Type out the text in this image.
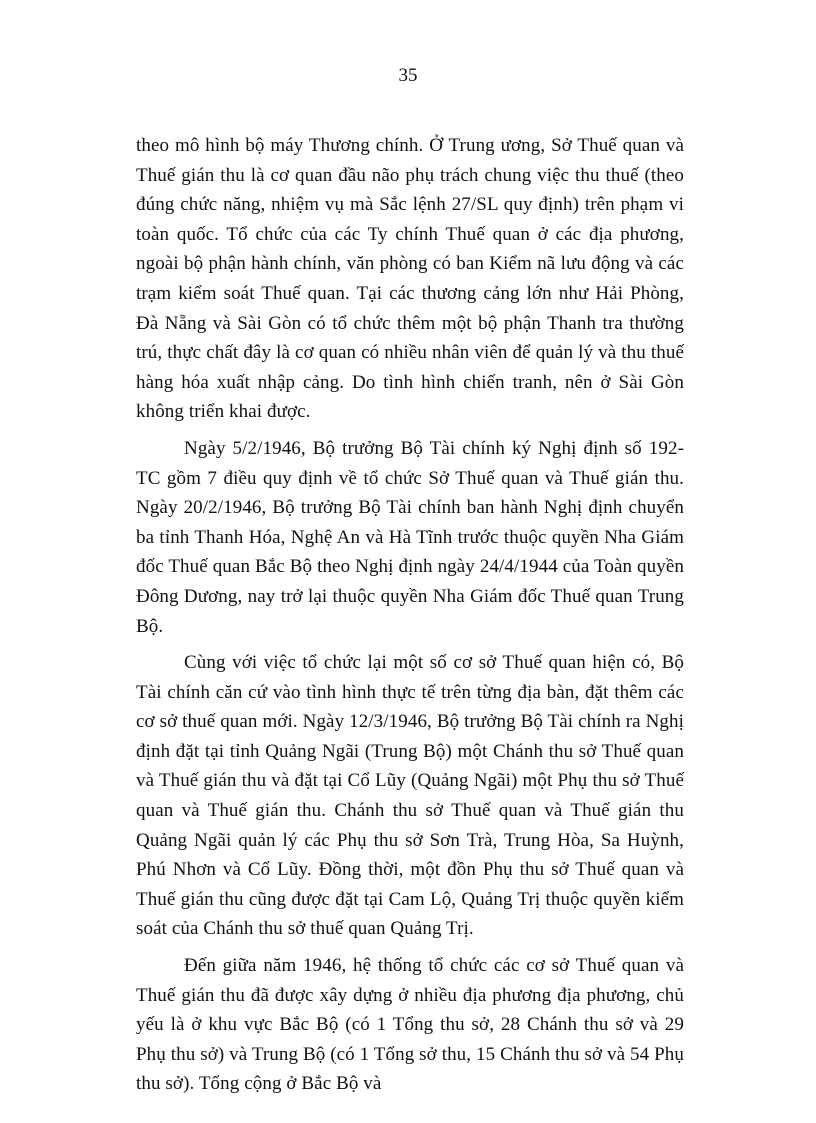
35

theo mô hình bộ máy Thương chính. Ở Trung ương, Sở Thuế quan và Thuế gián thu là cơ quan đầu não phụ trách chung việc thu thuế (theo đúng chức năng, nhiệm vụ mà Sắc lệnh 27/SL quy định) trên phạm vi toàn quốc. Tổ chức của các Ty chính Thuế quan ở các địa phương, ngoài bộ phận hành chính, văn phòng có ban Kiểm nã lưu động và các trạm kiểm soát Thuế quan. Tại các thương cảng lớn như Hải Phòng, Đà Nẵng và Sài Gòn có tổ chức thêm một bộ phận Thanh tra thường trú, thực chất đây là cơ quan có nhiều nhân viên để quản lý và thu thuế hàng hóa xuất nhập cảng. Do tình hình chiến tranh, nên ở Sài Gòn không triển khai được.

Ngày 5/2/1946, Bộ trưởng Bộ Tài chính ký Nghị định số 192-TC gồm 7 điều quy định về tổ chức Sở Thuế quan và Thuế gián thu. Ngày 20/2/1946, Bộ trưởng Bộ Tài chính ban hành Nghị định chuyển ba tỉnh Thanh Hóa, Nghệ An và Hà Tĩnh trước thuộc quyền Nha Giám đốc Thuế quan Bắc Bộ theo Nghị định ngày 24/4/1944 của Toàn quyền Đông Dương, nay trở lại thuộc quyền Nha Giám đốc Thuế quan Trung Bộ.

Cùng với việc tổ chức lại một số cơ sở Thuế quan hiện có, Bộ Tài chính căn cứ vào tình hình thực tế trên từng địa bàn, đặt thêm các cơ sở thuế quan mới. Ngày 12/3/1946, Bộ trưởng Bộ Tài chính ra Nghị định đặt tại tỉnh Quảng Ngãi (Trung Bộ) một Chánh thu sở Thuế quan và Thuế gián thu và đặt tại Cổ Lũy (Quảng Ngãi) một Phụ thu sở Thuế quan và Thuế gián thu. Chánh thu sở Thuế quan và Thuế gián thu Quảng Ngãi quản lý các Phụ thu sở Sơn Trà, Trung Hòa, Sa Huỳnh, Phú Nhơn và Cổ Lũy. Đồng thời, một đồn Phụ thu sở Thuế quan và Thuế gián thu cũng được đặt tại Cam Lộ, Quảng Trị thuộc quyền kiểm soát của Chánh thu sở thuế quan Quảng Trị.

Đến giữa năm 1946, hệ thống tổ chức các cơ sở Thuế quan và Thuế gián thu đã được xây dựng ở nhiều địa phương địa phương, chủ yếu là ở khu vực Bắc Bộ (có 1 Tổng thu sở, 28 Chánh thu sở và 29 Phụ thu sở) và Trung Bộ (có 1 Tổng sở thu, 15 Chánh thu sở và 54 Phụ thu sở). Tổng cộng ở Bắc Bộ và
